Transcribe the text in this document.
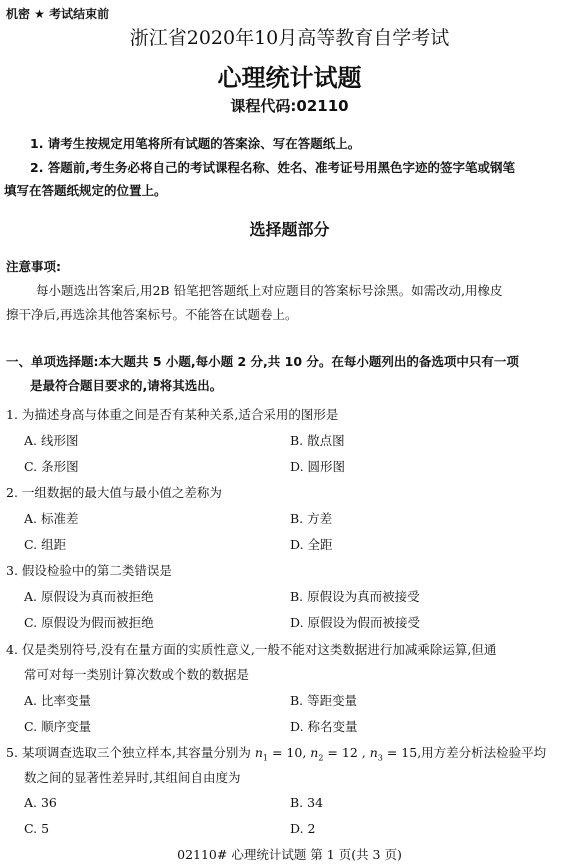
机密 ★ 考试结束前
浙江省2020年10月高等教育自学考试
心理统计试题
课程代码:02110
1. 请考生按规定用笔将所有试题的答案涂、写在答题纸上。
2. 答题前,考生务必将自己的考试课程名称、姓名、准考证号用黑色字迹的签字笔或钢笔
填写在答题纸规定的位置上。
选择题部分
注意事项:
每小题选出答案后,用2B 铅笔把答题纸上对应题目的答案标号涂黑。如需改动,用橡皮
擦干净后,再选涂其他答案标号。不能答在试题卷上。
一、单项选择题:本大题共 5 小题,每小题 2 分,共 10 分。在每小题列出的备选项中只有一项
是最符合题目要求的,请将其选出。
1. 为描述身高与体重之间是否有某种关系,适合采用的图形是
A. 线形图	B. 散点图
C. 条形图	D. 圆形图
2. 一组数据的最大值与最小值之差称为
A. 标准差	B. 方差
C. 组距	D. 全距
3. 假设检验中的第二类错误是
A. 原假设为真而被拒绝	B. 原假设为真而被接受
C. 原假设为假而被拒绝	D. 原假设为假而被接受
4. 仅是类别符号,没有在量方面的实质性意义,一般不能对这类数据进行加减乘除运算,但通
常可对每一类别计算次数或个数的数据是
A. 比率变量	B. 等距变量
C. 顺序变量	D. 称名变量
5. 某项调查选取三个独立样本,其容量分别为 $n_1 = 10$, $n_2 = 12$ , $n_3 = 15$,用方差分析法检验平均
数之间的显著性差异时,其组间自由度为
A. 36	B. 34
C. 5	D. 2
02110# 心理统计试题 第 1 页(共 3 页)
